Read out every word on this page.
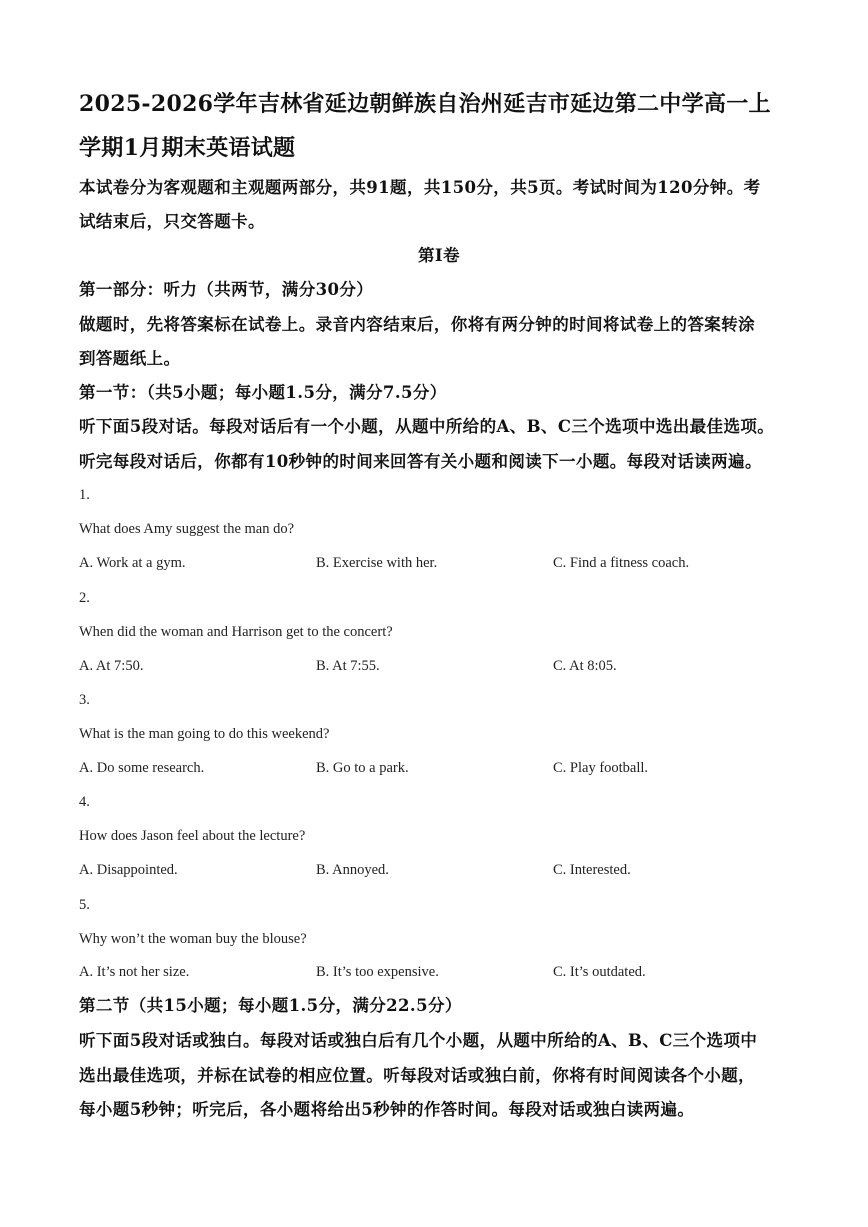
2025-2026学年吉林省延边朝鲜族自治州延吉市延边第二中学高一上
学期1月期末英语试题
本试卷分为客观题和主观题两部分，共91题，共150分，共5页。考试时间为120分钟。考
试结束后，只交答题卡。
第Ⅰ卷
第一部分：听力（共两节，满分30分）
做题时，先将答案标在试卷上。录音内容结束后，你将有两分钟的时间将试卷上的答案转涂
到答题纸上。
第一节：（共5小题；每小题1.5分，满分7.5分）
听下面5段对话。每段对话后有一个小题，从题中所给的A、B、C三个选项中选出最佳选项。
听完每段对话后，你都有10秒钟的时间来回答有关小题和阅读下一小题。每段对话读两遍。
1.
What does Amy suggest the man do?
A. Work at a gym.	B. Exercise with her.	C. Find a fitness coach.
2.
When did the woman and Harrison get to the concert?
A. At 7:50.	B. At 7:55.	C. At 8:05.
3.
What is the man going to do this weekend?
A. Do some research.	B. Go to a park.	C. Play football.
4.
How does Jason feel about the lecture?
A. Disappointed.	B. Annoyed.	C. Interested.
5.
Why won’t the woman buy the blouse?
A. It’s not her size.	B. It’s too expensive.	C. It’s outdated.
第二节（共15小题；每小题1.5分，满分22.5分）
听下面5段对话或独白。每段对话或独白后有几个小题，从题中所给的A、B、C三个选项中
选出最佳选项，并标在试卷的相应位置。听每段对话或独白前，你将有时间阅读各个小题，
每小题5秒钟；听完后，各小题将给出5秒钟的作答时间。每段对话或独白读两遍。
